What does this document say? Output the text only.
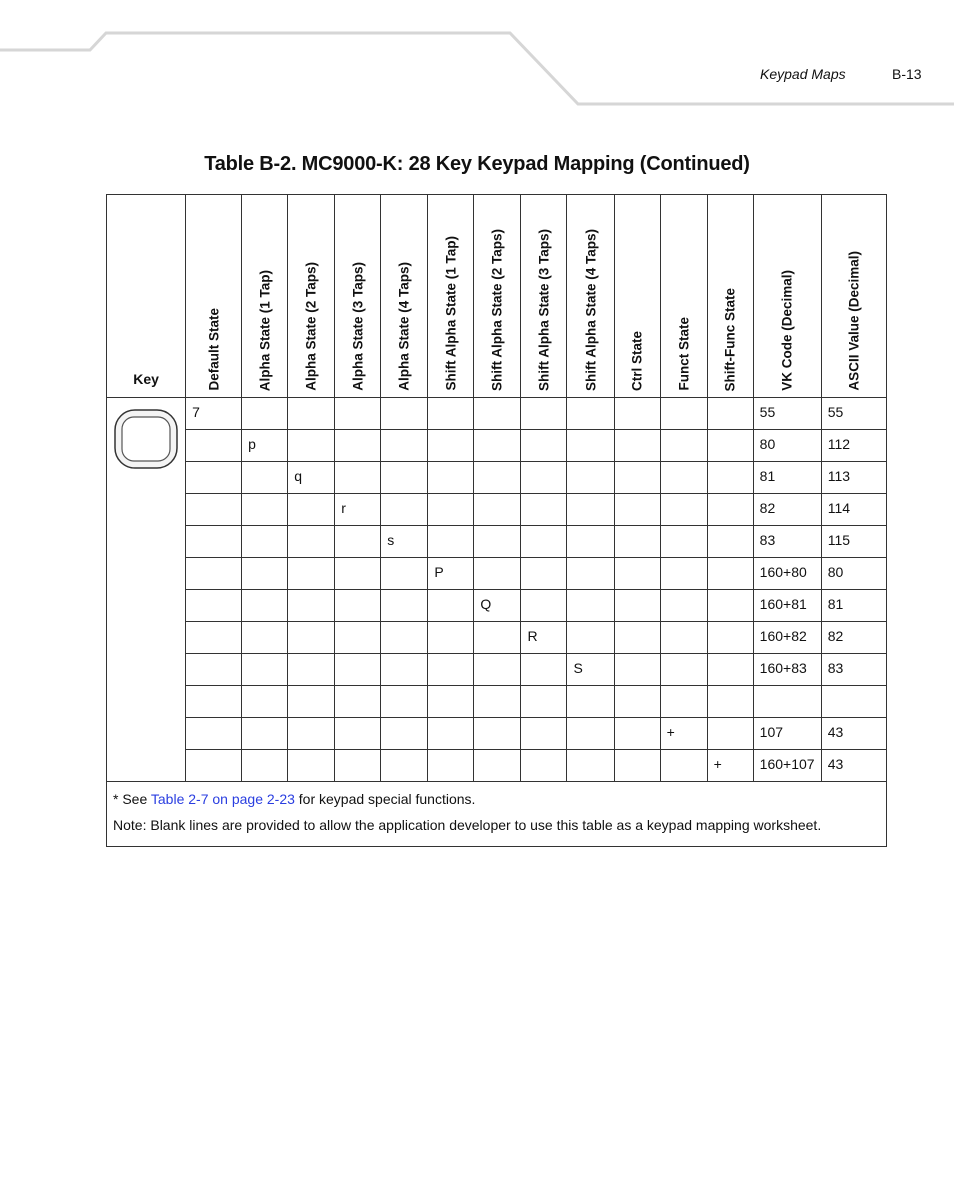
Keypad Maps	B-13
Table B-2. MC9000-K: 28 Key Keypad Mapping (Continued)
Key	Default State	Alpha State (1 Tap)	Alpha State (2 Taps)	Alpha State (3 Taps)	Alpha State (4 Taps)	Shift Alpha State (1 Tap)	Shift Alpha State (2 Taps)	Shift Alpha State (3 Taps)	Shift Alpha State (4 Taps)	Ctrl State	Funct State	Shift-Func State	VK Code (Decimal)	ASCII Value (Decimal)

	7												55	55
		p											80	112
			q										81	113
				r									82	114
					s								83	115
						P							160+80	80
							Q						160+81	81
								R					160+82	82
									S				160+83	83

											+		107	43
												+	160+107	43

* See Table 2-7 on page 2-23 for keypad special functions.
Note: Blank lines are provided to allow the application developer to use this table as a keypad mapping worksheet.														
